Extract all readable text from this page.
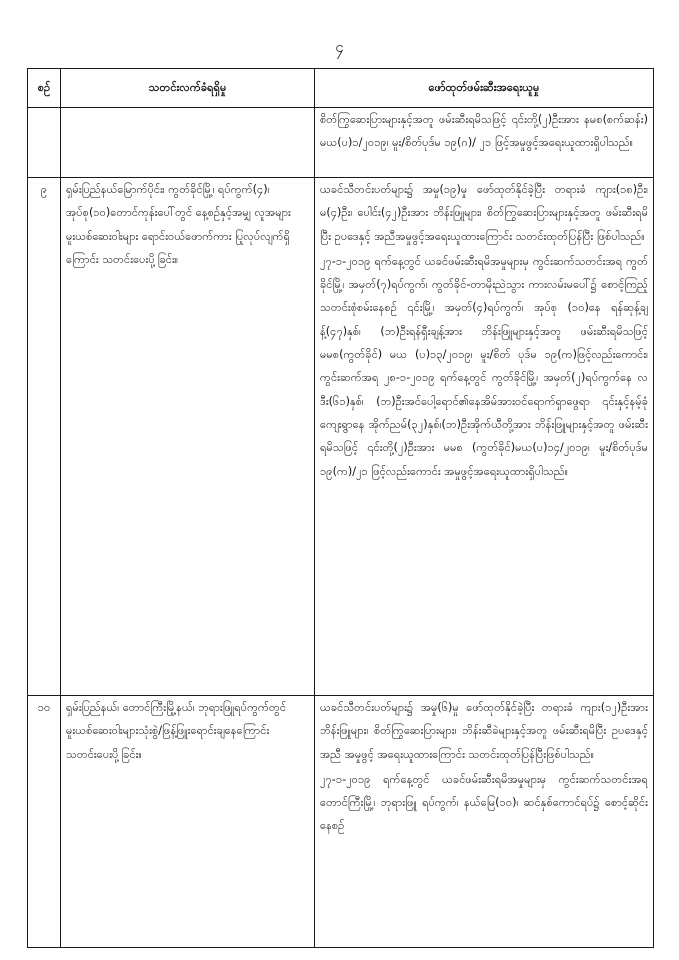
၄
စဉ်	သတင်းလက်ခံရရှိမှု	ဖော်ထုတ်ဖမ်းဆီးအရေးယူမှု

		စိတ်ကြွဆေးပြားများနှင့်အတူ ဖမ်းဆီးရမိသဖြင့် ၎င်းတို့(၂)ဦးအား နမစ(စက်ဆန်း) မယ(ပ)၁/၂၀၁၉၊ မူး/စိတ်ပုဒ်မ ၁၉(ဂ)/ ၂၁ ဖြင့်အမှုဖွင့်အရေးယူထားရှိပါသည်။

၉	ရှမ်းပြည်နယ်မြောက်ပိုင်း၊ ကွတ်ခိုင်မြို့၊ ရပ်ကွက်(၄)၊ အုပ်စု(၁၀)တောင်ကုန်းပေါ်တွင် နေ့စဉ်နှင့်အမျှ လူအများမူးယစ်ဆေးဝါးများ ရောင်းဝယ်ဖောက်ကား ပြုလုပ်လျက်ရှိကြောင်း သတင်းပေးပို့ခြင်း။	ယခင်သီတင်းပတ်များ၌ အမှု(၁၉)မှု ဖော်ထုတ်နိုင်ခဲ့ပြီး တရားခံ ကျား(၁၈)ဦး၊ မ(၄)ဦး၊ ပေါင်း(၄၂)ဦးအား ဘိန်းဖြူများ၊ စိတ်ကြွဆေးပြားများနှင့်အတူ ဖမ်းဆီးရမိပြီး ဥပဒေနှင့် အညီအမှုဖွင့်အရေးယူထားကြောင်း သတင်းထုတ်ပြန်ပြီး ဖြစ်ပါသည်။

၂၇-၁-၂၀၁၉ ရက်နေ့တွင် ယခင်ဖမ်းဆီးရမိအမှုများမှ ကွင်းဆက်သတင်းအရ ကွတ်ခိုင်မြို့၊ အမှတ်(၇)ရပ်ကွက်၊ ကွတ်ခိုင်-တာမိုးညဲသွား ကားလမ်းမပေါ်၌ စောင့်ကြည့်သတင်းစုံစမ်းနေစဉ် ၎င်းမြို့၊ အမှတ်(၄)ရပ်ကွက်၊ အုပ်စု (၁၀)နေ ရန်ဆုန့်ချန့်(၄၇)နှစ်၊ (ဘ)ဦးရန်ရှီးချန့်အား ဘိန်းဖြူများနှင့်အတူ ဖမ်းဆီးရမိသဖြင့် မမစ(ကွတ်ခိုင်) မယ (ပ)၁၃/၂၀၁၉၊ မူး/စိတ် ပုဒ်မ ၁၉(က)ဖြင့်လည်းကောင်း၊ ကွင်းဆက်အရ ၂၈-၁-၂၀၁၉ ရက်နေ့တွင် ကွတ်ခိုင်မြို့၊ အမှတ်(၂)ရပ်ကွက်နေ လဒီး(၆၁)နှစ်၊ (ဘ)ဦးအင်ပေါ့ရောင်၏နေအိမ်အားဝင်ရောက်ရှာဖွေရာ ၎င်းနှင့်နမ့်ခုံကျေးရွာနေ အိုက်ညမ်(၃၂)နှစ်၊(ဘ)ဦးအိုက်ယီတို့အား ဘိန်းဖြူများနှင့်အတူ ဖမ်းဆီးရမိသဖြင့် ၎င်းတို့(၂)ဦးအား မမစ (ကွတ်ခိုင်)မယ(ပ)၁၄/၂၀၁၉၊ မူး/စိတ်ပုဒ်မ ၁၉(က)/၂၁ ဖြင့်လည်းကောင်း အမှုဖွင့်အရေးယူထားရှိပါသည်။

၁၀	ရှမ်းပြည်နယ်၊ တောင်ကြီးမြို့နယ်၊ ဘုရားဖြူရပ်ကွက်တွင် မူးယစ်ဆေးဝါးများသုံးစွဲ/ဖြန့်ဖြူးရောင်းချနေကြောင်း သတင်းပေးပို့ခြင်း။	ယခင်သီတင်းပတ်များ၌ အမှု(၆)မှု ဖော်ထုတ်နိုင်ခဲ့ပြီး တရားခံ ကျား(၁၂)ဦးအား ဘိန်းဖြူများ၊ စိတ်ကြွဆေးပြားများ၊ ဘိန်းဆီခဲများနှင့်အတူ ဖမ်းဆီးရမိပြီး ဥပဒေနှင့်အညီ အမှုဖွင့် အရေးယူထားကြောင်း သတင်းထုတ်ပြန်ပြီးဖြစ်ပါသည်။

၂၇-၁-၂၀၁၉ ရက်နေ့တွင် ယခင်ဖမ်းဆီးရမိအမှုများမှ ကွင်းဆက်သတင်းအရ တောင်ကြီးမြို့၊ ဘုရားဖြူ ရပ်ကွက်၊ နယ်မြေ(၁၀)၊ ဆင်နှစ်ကောင်ရပ်၌ စောင့်ဆိုင်းနေစဉ်
